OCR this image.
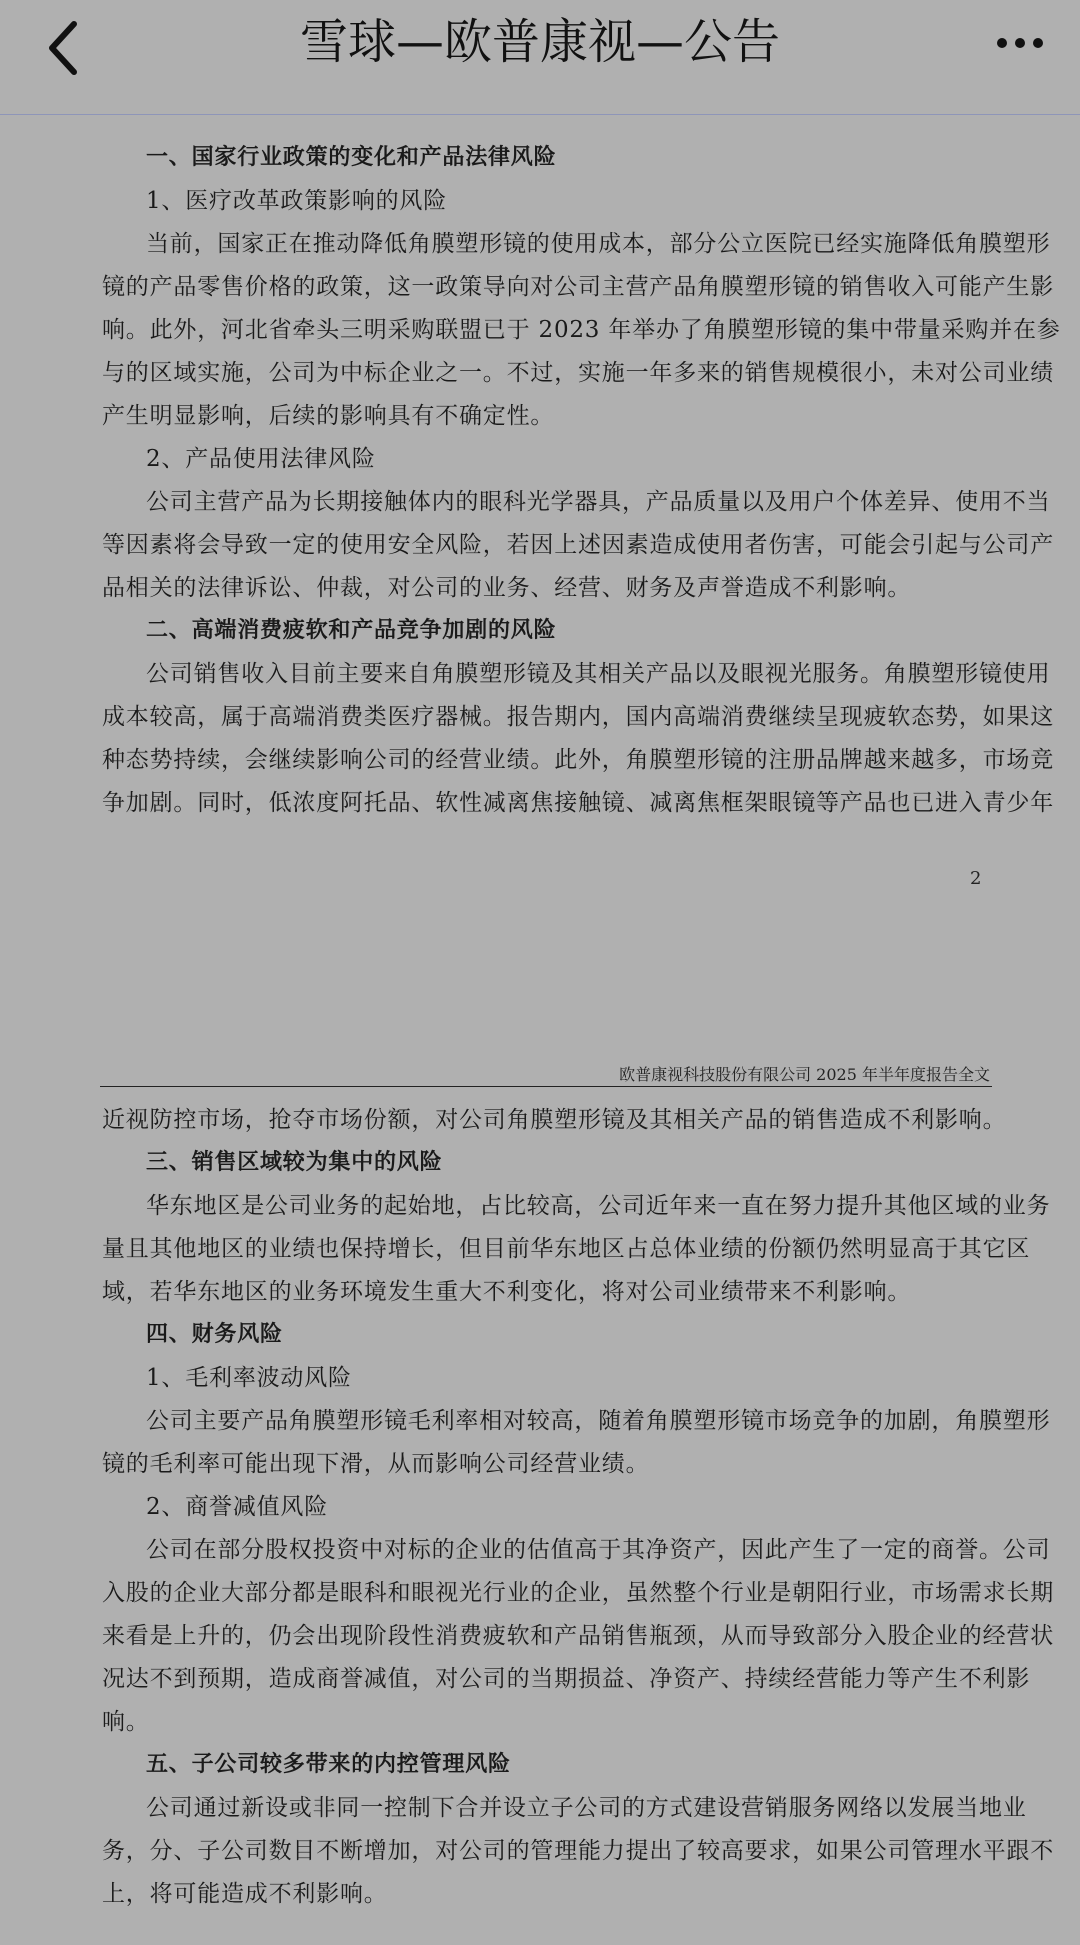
雪球—欧普康视—公告
一、国家行业政策的变化和产品法律风险
1、医疗改革政策影响的风险
当前，国家正在推动降低角膜塑形镜的使用成本，部分公立医院已经实施降低角膜塑形
镜的产品零售价格的政策，这一政策导向对公司主营产品角膜塑形镜的销售收入可能产生影
响。此外，河北省牵头三明采购联盟已于 2023 年举办了角膜塑形镜的集中带量采购并在参
与的区域实施，公司为中标企业之一。不过，实施一年多来的销售规模很小，未对公司业绩
产生明显影响，后续的影响具有不确定性。
2、产品使用法律风险
公司主营产品为长期接触体内的眼科光学器具，产品质量以及用户个体差异、使用不当
等因素将会导致一定的使用安全风险，若因上述因素造成使用者伤害，可能会引起与公司产
品相关的法律诉讼、仲裁，对公司的业务、经营、财务及声誉造成不利影响。
二、高端消费疲软和产品竞争加剧的风险
公司销售收入目前主要来自角膜塑形镜及其相关产品以及眼视光服务。角膜塑形镜使用
成本较高，属于高端消费类医疗器械。报告期内，国内高端消费继续呈现疲软态势，如果这
种态势持续，会继续影响公司的经营业绩。此外，角膜塑形镜的注册品牌越来越多，市场竞
争加剧。同时，低浓度阿托品、软性减离焦接触镜、减离焦框架眼镜等产品也已进入青少年
2
欧普康视科技股份有限公司 2025 年半年度报告全文
近视防控市场，抢夺市场份额，对公司角膜塑形镜及其相关产品的销售造成不利影响。
三、销售区域较为集中的风险
华东地区是公司业务的起始地，占比较高，公司近年来一直在努力提升其他区域的业务
量且其他地区的业绩也保持增长，但目前华东地区占总体业绩的份额仍然明显高于其它区
域，若华东地区的业务环境发生重大不利变化，将对公司业绩带来不利影响。
四、财务风险
1、毛利率波动风险
公司主要产品角膜塑形镜毛利率相对较高，随着角膜塑形镜市场竞争的加剧，角膜塑形
镜的毛利率可能出现下滑，从而影响公司经营业绩。
2、商誉减值风险
公司在部分股权投资中对标的企业的估值高于其净资产，因此产生了一定的商誉。公司
入股的企业大部分都是眼科和眼视光行业的企业，虽然整个行业是朝阳行业，市场需求长期
来看是上升的，仍会出现阶段性消费疲软和产品销售瓶颈，从而导致部分入股企业的经营状
况达不到预期，造成商誉减值，对公司的当期损益、净资产、持续经营能力等产生不利影
响。
五、子公司较多带来的内控管理风险
公司通过新设或非同一控制下合并设立子公司的方式建设营销服务网络以发展当地业
务，分、子公司数目不断增加，对公司的管理能力提出了较高要求，如果公司管理水平跟不
上，将可能造成不利影响。
